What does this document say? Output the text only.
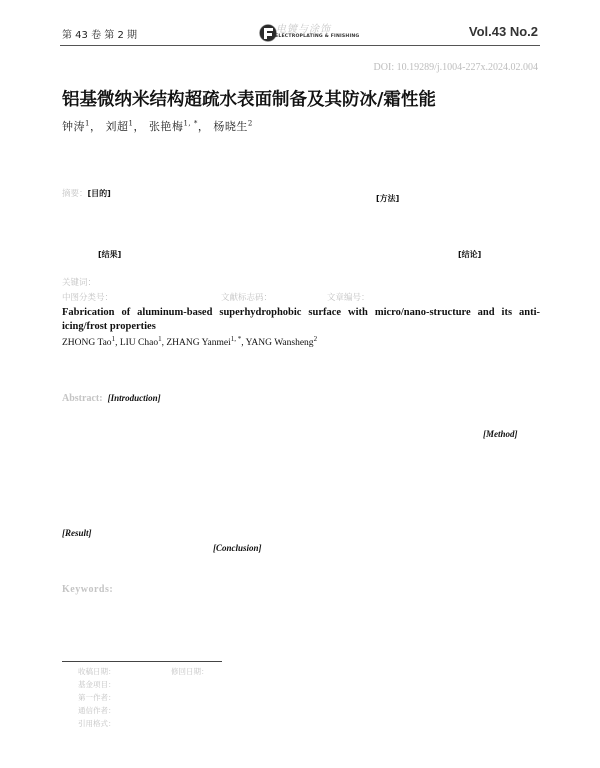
第 43 卷 第 2 期
电镀与涂饰
ELECTROPLATING & FINISHING	Vol.43 No.2
DOI: 10.19289/j.1004-227x.2024.02.004
铝基微纳米结构超疏水表面制备及其防冰/霜性能
钟涛$^1$， 刘超$^1$， 张艳梅$^{1, *}$， 杨晓生$^2$
摘要：[目的]
[方法]
[结果]	[结论]
关键词：
中图分类号：	文献标志码：	文章编号：
Fabrication of aluminum-based superhydrophobic surface with micro/nano-structure and its anti-icing/frost properties
ZHONG Tao$^1$, LIU Chao$^1$, ZHANG Yanmei$^{1, *}$, YANG Wansheng$^2$
Abstract: [Introduction]
[Method]
[Result]
[Conclusion]
Keywords:
收稿日期：	修回日期：
基金项目：
第一作者：
通信作者：
引用格式：
